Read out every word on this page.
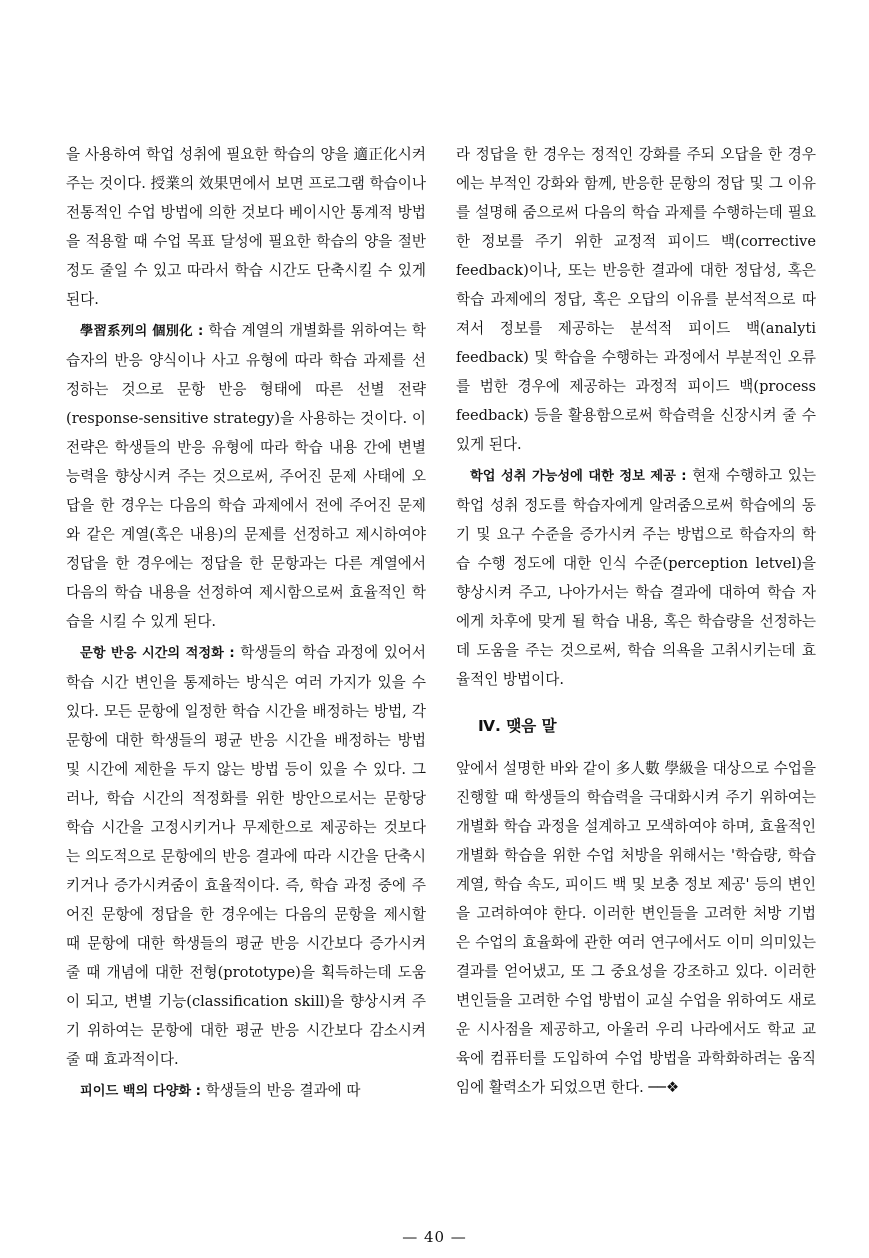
을 사용하여 학업 성취에 필요한 학습의 양을 適正化시켜주는 것이다. 授業의 效果면에서 보면 프로그램 학습이나 전통적인 수업 방법에 의한 것보다 베이시안 통계적 방법을 적용할 때 수업 목표 달성에 필요한 학습의 양을 절반 정도 줄일 수 있고 따라서 학습 시간도 단축시킬 수 있게 된다.

學習系列의 個別化 : 학습 계열의 개별화를 위하여는 학습자의 반응 양식이나 사고 유형에 따라 학습 과제를 선정하는 것으로 문항 반응 형태에 따른 선별 전략(response-sensitive strategy)을 사용하는 것이다. 이 전략은 학생들의 반응 유형에 따라 학습 내용 간에 변별 능력을 향상시켜 주는 것으로써, 주어진 문제 사태에 오답을 한 경우는 다음의 학습 과제에서 전에 주어진 문제와 같은 계열(혹은 내용)의 문제를 선정하고 제시하여야 정답을 한 경우에는 정답을 한 문항과는 다른 계열에서 다음의 학습 내용을 선정하여 제시함으로써 효율적인 학습을 시킬 수 있게 된다.

문항 반응 시간의 적정화 : 학생들의 학습 과정에 있어서 학습 시간 변인을 통제하는 방식은 여러 가지가 있을 수 있다. 모든 문항에 일정한 학습 시간을 배정하는 방법, 각 문항에 대한 학생들의 평균 반응 시간을 배정하는 방법 및 시간에 제한을 두지 않는 방법 등이 있을 수 있다. 그러나, 학습 시간의 적정화를 위한 방안으로서는 문항당 학습 시간을 고정시키거나 무제한으로 제공하는 것보다는 의도적으로 문항에의 반응 결과에 따라 시간을 단축시키거나 증가시켜줌이 효율적이다. 즉, 학습 과정 중에 주어진 문항에 정답을 한 경우에는 다음의 문항을 제시할 때 문항에 대한 학생들의 평균 반응 시간보다 증가시켜 줄 때 개념에 대한 전형(prototype)을 획득하는데 도움이 되고, 변별 기능(classification skill)을 향상시켜 주기 위하여는 문항에 대한 평균 반응 시간보다 감소시켜 줄 때 효과적이다.

피이드 백의 다양화 : 학생들의 반응 결과에 따

라 정답을 한 경우는 정적인 강화를 주되 오답을 한 경우에는 부적인 강화와 함께, 반응한 문항의 정답 및 그 이유를 설명해 줌으로써 다음의 학습 과제를 수행하는데 필요한 정보를 주기 위한 교정적 피이드 백(corrective feedback)이나, 또는 반응한 결과에 대한 정답성, 혹은 학습 과제에의 정답, 혹은 오답의 이유를 분석적으로 따져서 정보를 제공하는 분석적 피이드 백(analyti feedback) 및 학습을 수행하는 과정에서 부분적인 오류를 범한 경우에 제공하는 과정적 피이드 백(process feedback) 등을 활용함으로써 학습력을 신장시켜 줄 수 있게 된다.

학업 성취 가능성에 대한 정보 제공 : 현재 수행하고 있는 학업 성취 정도를 학습자에게 알려줌으로써 학습에의 동기 및 요구 수준을 증가시켜 주는 방법으로 학습자의 학습 수행 정도에 대한 인식 수준(perception letvel)을 향상시켜 주고, 나아가서는 학습 결과에 대하여 학습 자에게 차후에 맞게 될 학습 내용, 혹은 학습량을 선정하는데 도움을 주는 것으로써, 학습 의욕을 고취시키는데 효율적인 방법이다.

Ⅳ. 맺음 말

앞에서 설명한 바와 같이 多人數 學級을 대상으로 수업을 진행할 때 학생들의 학습력을 극대화시켜 주기 위하여는 개별화 학습 과정을 설계하고 모색하여야 하며, 효율적인 개별화 학습을 위한 수업 처방을 위해서는 '학습량, 학습 계열, 학습 속도, 피이드 백 및 보충 정보 제공' 등의 변인을 고려하여야 한다. 이러한 변인들을 고려한 처방 기법은 수업의 효율화에 관한 여러 연구에서도 이미 의미있는 결과를 얻어냈고, 또 그 중요성을 강조하고 있다. 이러한 변인들을 고려한 수업 방법이 교실 수업을 위하여도 새로운 시사점을 제공하고, 아울러 우리 나라에서도 학교 교육에 컴퓨터를 도입하여 수업 방법을 과학화하려는 움직임에 활력소가 되었으면 한다. ──❖

— 40 —
